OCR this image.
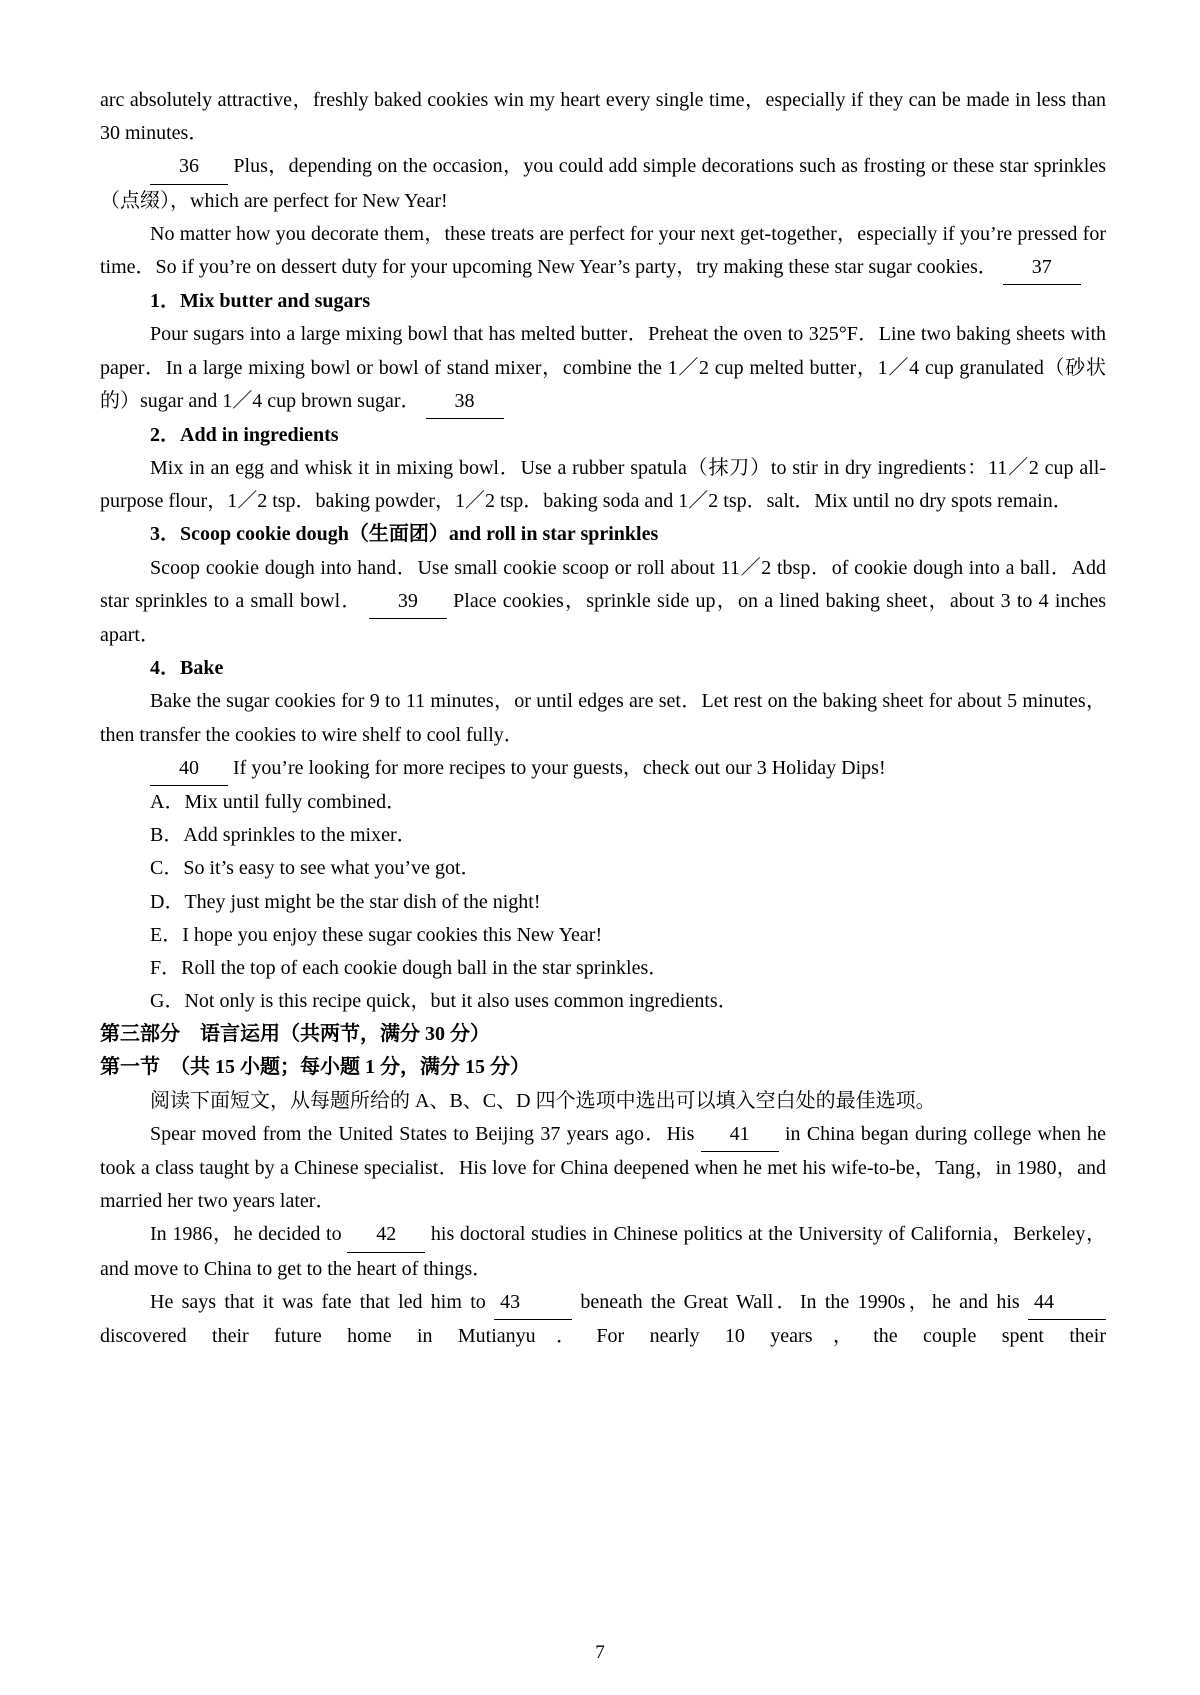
arc absolutely attractive，freshly baked cookies win my heart every single time，especially if they can be made in less than 30 minutes．

36 Plus，depending on the occasion，you could add simple decorations such as frosting or these star sprinkles（点缀），which are perfect for New Year!

No matter how you decorate them，these treats are perfect for your next get-together，especially if you’re pressed for time．So if you’re on dessert duty for your upcoming New Year’s party，try making these star sugar cookies． 37

1．Mix butter and sugars

Pour sugars into a large mixing bowl that has melted butter．Preheat the oven to 325°F．Line two baking sheets with paper．In a large mixing bowl or bowl of stand mixer，combine the 1／2 cup melted butter，1／4 cup granulated（砂状的）sugar and 1／4 cup brown sugar． 38

2．Add in ingredients

Mix in an egg and whisk it in mixing bowl．Use a rubber spatula（抹刀）to stir in dry ingredients：11／2 cup all-purpose flour，1／2 tsp．baking powder，1／2 tsp．baking soda and 1／2 tsp．salt．Mix until no dry spots remain．

3．Scoop cookie dough（生面团）and roll in star sprinkles

Scoop cookie dough into hand．Use small cookie scoop or roll about 11／2 tbsp．of cookie dough into a ball．Add star sprinkles to a small bowl． 39 Place cookies，sprinkle side up，on a lined baking sheet，about 3 to 4 inches apart．

4．Bake

Bake the sugar cookies for 9 to 11 minutes，or until edges are set．Let rest on the baking sheet for about 5 minutes，then transfer the cookies to wire shelf to cool fully．

40 If you’re looking for more recipes to your guests，check out our 3 Holiday Dips!

A．Mix until fully combined．

B．Add sprinkles to the mixer．

C．So it’s easy to see what you’ve got．

D．They just might be the star dish of the night!

E．I hope you enjoy these sugar cookies this New Year!

F．Roll the top of each cookie dough ball in the star sprinkles．

G．Not only is this recipe quick，but it also uses common ingredients．

第三部分　语言运用（共两节，满分 30 分）

第一节　（共 15 小题；每小题 1 分，满分 15 分）

阅读下面短文，从每题所给的 A、B、C、D 四个选项中选出可以填入空白处的最佳选项。

Spear moved from the United States to Beijing 37 years ago．His 41 in China began during college when he took a class taught by a Chinese specialist．His love for China deepened when he met his wife-to-be，Tang，in 1980，and married her two years later．

In 1986，he decided to 42 his doctoral studies in Chinese politics at the University of California，Berkeley，and move to China to get to the heart of things．

He says that it was fate that led him to 43	beneath the Great Wall．In the 1990s，he and his 44 discovered their future home in Mutianyu．For nearly 10 years，the couple spent their

7
